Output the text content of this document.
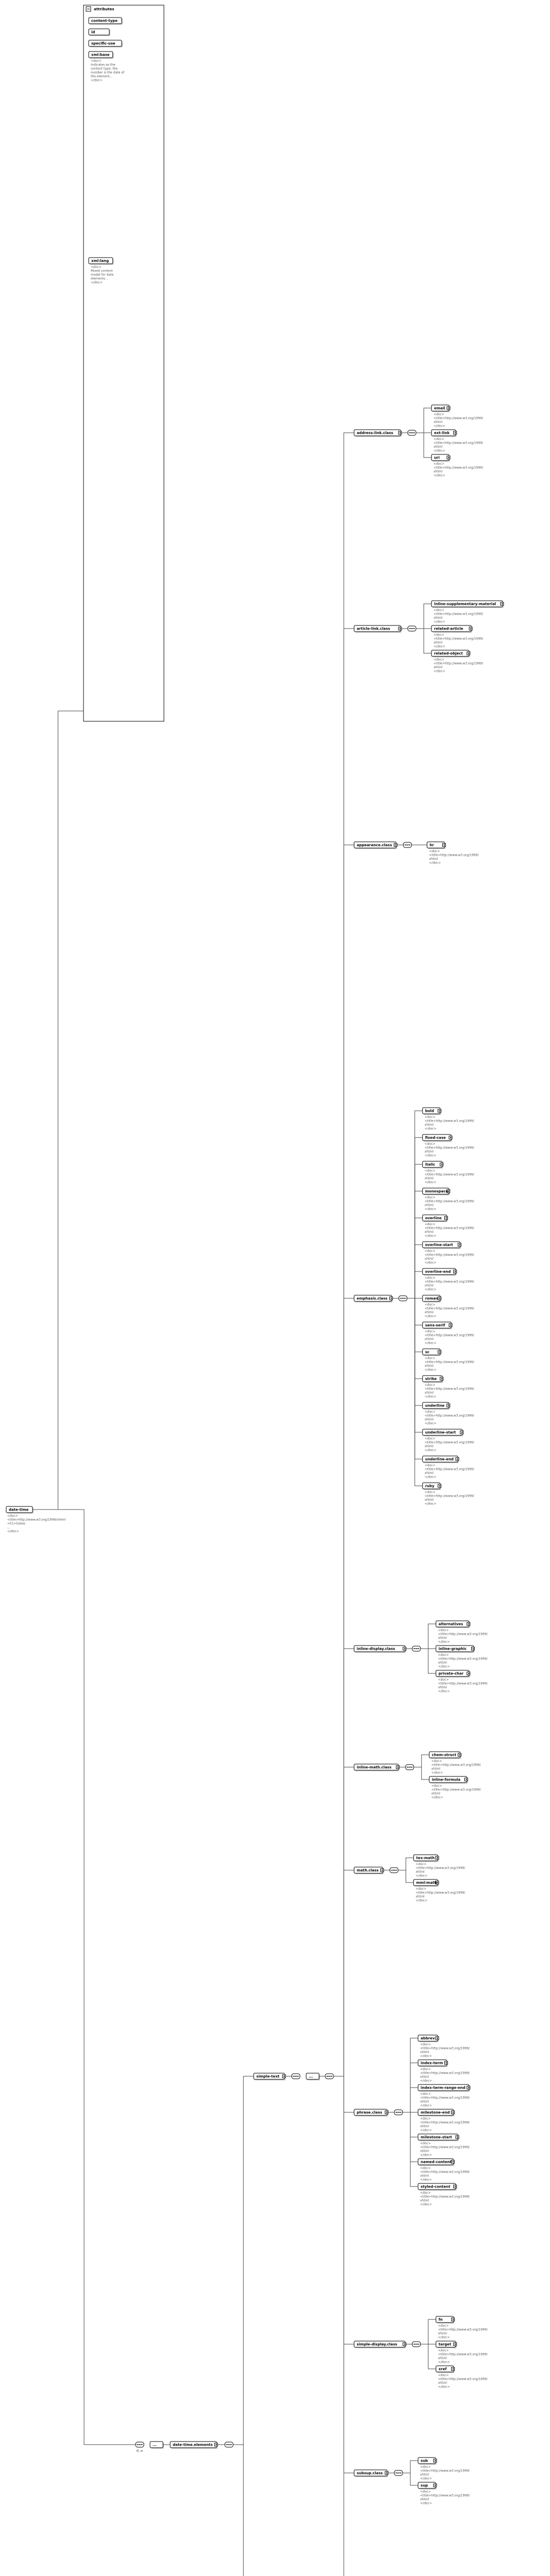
date-time
<doc>
<title>http://www.w3.org/1999/xhtml
<h1>Dates
...
</doc>
attributes
content-type
id
specific-use
xml:base
<doc>
Indicates as the
content type; the
number is the date of
the element...
</doc>
xml:lang
<doc>
Mixed content
model for date
elements...
</doc>
...
0..∞
date-time.elements
simple-text	...
address-link.class
email
<doc>
<title>http://www.w3.org/1999/
xhtml
</doc>
ext-link
<doc>
<title>http://www.w3.org/1999/
xhtml
</doc>
uri
<doc>
<title>http://www.w3.org/1999/
xhtml
</doc>
article-link.class
inline-supplementary-material
<doc>
<title>http://www.w3.org/1999/
xhtml
</doc>
related-article
<doc>
<title>http://www.w3.org/1999/
xhtml
</doc>
related-object
<doc>
<title>http://www.w3.org/1999/
xhtml
</doc>
appearance.class	hr
<doc>
<title>http://www.w3.org/1999/
xhtml
</doc>
emphasis.class
bold
<doc>
<title>http://www.w3.org/1999/
xhtml
</doc>
fixed-case
<doc>
<title>http://www.w3.org/1999/
xhtml
</doc>
italic
<doc>
<title>http://www.w3.org/1999/
xhtml
</doc>
monospace
<doc>
<title>http://www.w3.org/1999/
xhtml
</doc>
overline
<doc>
<title>http://www.w3.org/1999/
xhtml
</doc>
overline-start
<doc>
<title>http://www.w3.org/1999/
xhtml
</doc>
overline-end
<doc>
<title>http://www.w3.org/1999/
xhtml
</doc>
roman
<doc>
<title>http://www.w3.org/1999/
xhtml
</doc>
sans-serif
<doc>
<title>http://www.w3.org/1999/
xhtml
</doc>
sc
<doc>
<title>http://www.w3.org/1999/
xhtml
</doc>
strike
<doc>
<title>http://www.w3.org/1999/
xhtml
</doc>
underline
<doc>
<title>http://www.w3.org/1999/
xhtml
</doc>
underline-start
<doc>
<title>http://www.w3.org/1999/
xhtml
</doc>
underline-end
<doc>
<title>http://www.w3.org/1999/
xhtml
</doc>
ruby
<doc>
<title>http://www.w3.org/1999/
xhtml
</doc>
inline-display.class
alternatives
<doc>
<title>http://www.w3.org/1999/
xhtml
</doc>
inline-graphic
<doc>
<title>http://www.w3.org/1999/
xhtml
</doc>
private-char
<doc>
<title>http://www.w3.org/1999/
xhtml
</doc>
inline-math.class
chem-struct
<doc>
<title>http://www.w3.org/1999/
xhtml
</doc>
inline-formula
<doc>
<title>http://www.w3.org/1999/
xhtml
</doc>
math.class
tex-math
<doc>
<title>http://www.w3.org/1999/
xhtml
</doc>
mml:math
<doc>
<title>http://www.w3.org/1999/
xhtml
</doc>
phrase.class
abbrev
<doc>
<title>http://www.w3.org/1999/
xhtml
</doc>
index-term
<doc>
<title>http://www.w3.org/1999/
xhtml
</doc>
index-term-range-end
<doc>
<title>http://www.w3.org/1999/
xhtml
</doc>
milestone-end
<doc>
<title>http://www.w3.org/1999/
xhtml
</doc>
milestone-start
<doc>
<title>http://www.w3.org/1999/
xhtml
</doc>
named-content
<doc>
<title>http://www.w3.org/1999/
xhtml
</doc>
styled-content
<doc>
<title>http://www.w3.org/1999/
xhtml
</doc>
simple-display.class
fn
<doc>
<title>http://www.w3.org/1999/
xhtml
</doc>
target
<doc>
<title>http://www.w3.org/1999/
xhtml
</doc>
xref
<doc>
<title>http://www.w3.org/1999/
xhtml
</doc>
subsup.class
sub
<doc>
<title>http://www.w3.org/1999/
xhtml
</doc>
sup
<doc>
<title>http://www.w3.org/1999/
xhtml
</doc>
